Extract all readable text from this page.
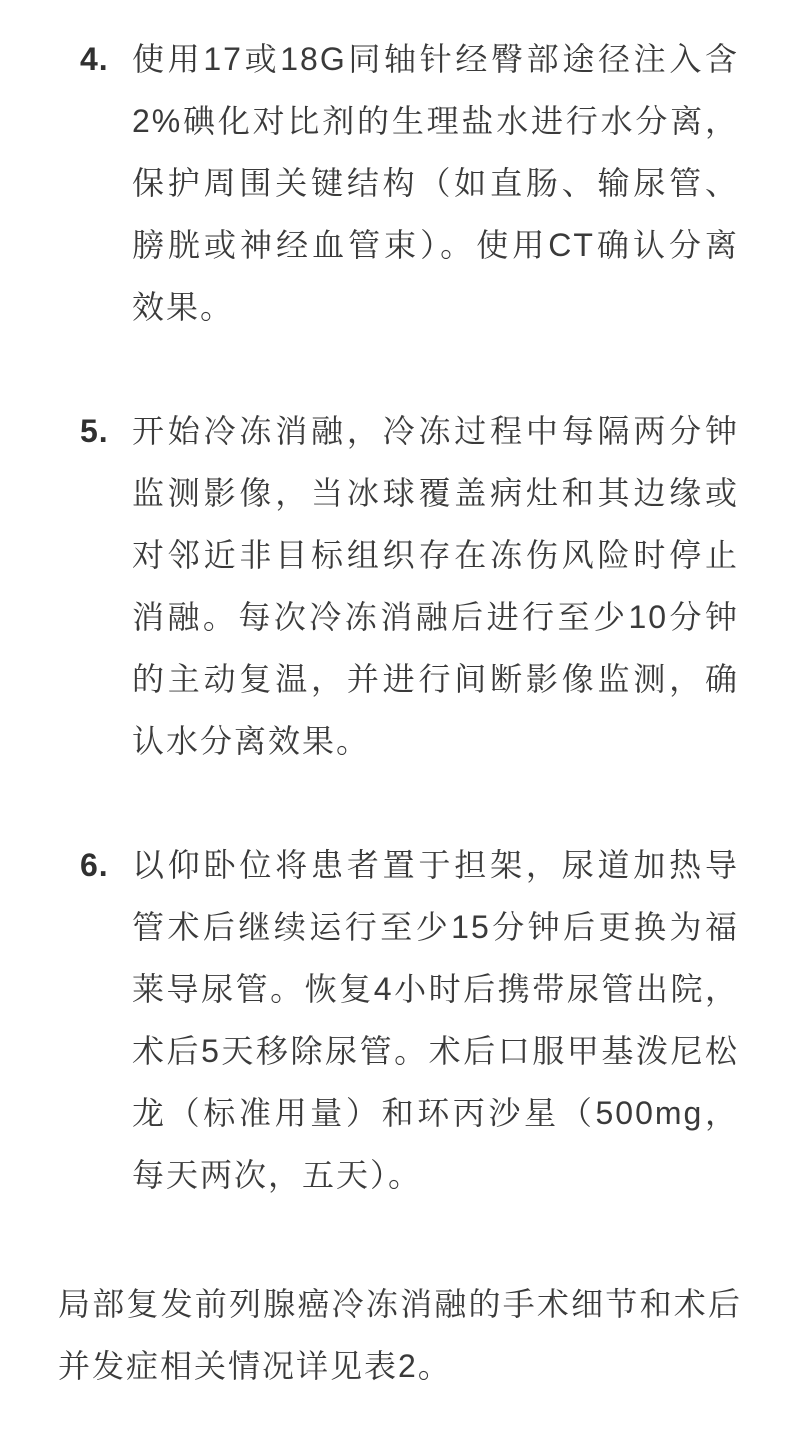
4. 使用17或18G同轴针经臀部途径注入含
2%碘化对比剂的生理盐水进行水分离，
保护周围关键结构（如直肠、输尿管、
膀胱或神经血管束）。使用CT确认分离
效果。
5. 开始冷冻消融，冷冻过程中每隔两分钟
监测影像，当冰球覆盖病灶和其边缘或
对邻近非目标组织存在冻伤风险时停止
消融。每次冷冻消融后进行至少10分钟
的主动复温，并进行间断影像监测，确
认水分离效果。
6. 以仰卧位将患者置于担架，尿道加热导
管术后继续运行至少15分钟后更换为福
莱导尿管。恢复4小时后携带尿管出院，
术后5天移除尿管。术后口服甲基泼尼松
龙（标准用量）和环丙沙星（500mg，
每天两次，五天）。
局部复发前列腺癌冷冻消融的手术细节和术后
并发症相关情况详见表2。
